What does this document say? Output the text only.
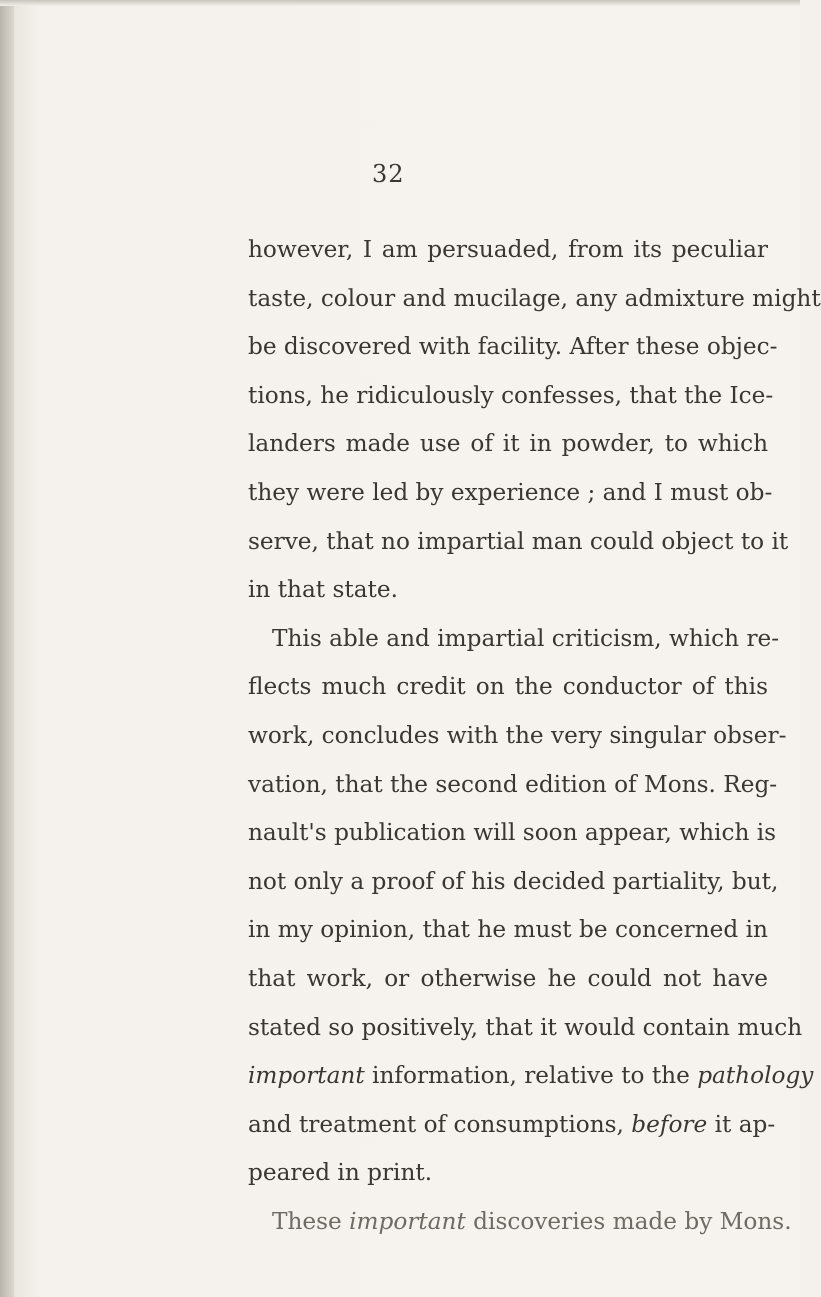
32
however, I am persuaded, from its peculiar
taste, colour and mucilage, any admixture might
be discovered with facility. After these objec-
tions, he ridiculously confesses, that the Ice-
landers made use of it in powder, to which
they were led by experience ; and I must ob-
serve, that no impartial man could object to it
in that state.
This able and impartial criticism, which re-
flects much credit on the conductor of this
work, concludes with the very singular obser-
vation, that the second edition of Mons. Reg-
nault's publication will soon appear, which is
not only a proof of his decided partiality, but,
in my opinion, that he must be concerned in
that work, or otherwise he could not have
stated so positively, that it would contain much
important information, relative to the pathology
and treatment of consumptions, before it ap-
peared in print.
These important discoveries made by Mons.
